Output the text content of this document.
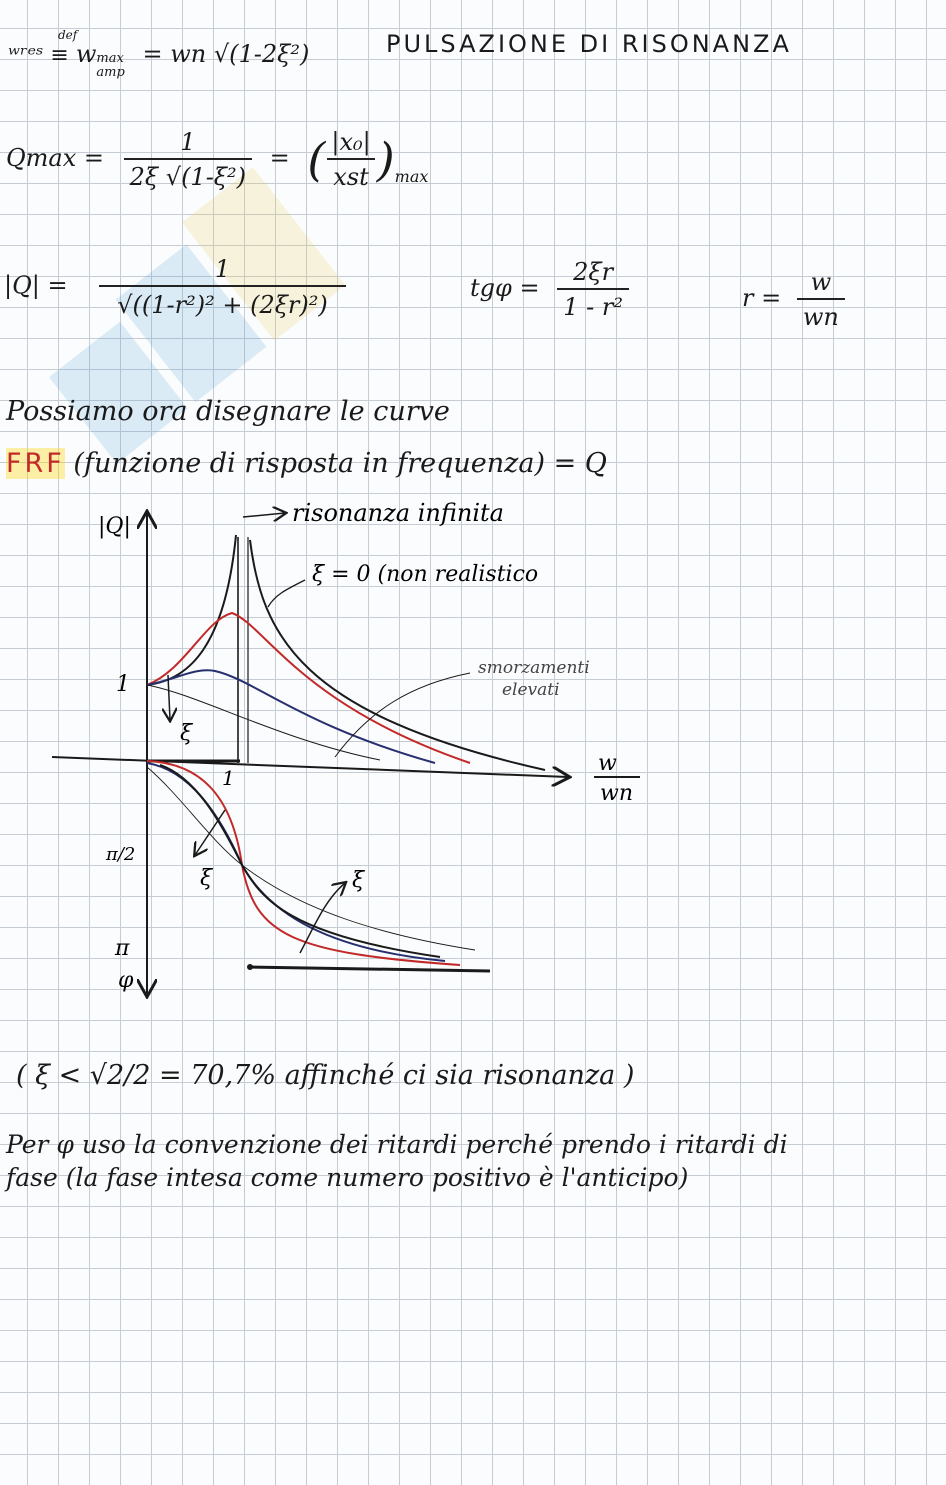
def
ʷʳᵉˢ ≡ wmax
amp = wn √(1-2ξ²)	PULSAZIONE DI RISONANZA
$Qmax = \frac{1}{\text{2ξ √(1-ξ²)}}$ = ( $\frac{\text{|x₀|}}{\text{xst}} )_{max}$
$|Q| = \frac{1}{\text{√((1-r²)² + (2ξr)²)}}$	$tg\varphi = \frac{2\xi r}{\text{1 - r²}}$	$r = \frac{w}{wn}$
Possiamo ora disegnare le curve
FRF (funzione di risposta in frequenza) = Q
|Q|	risonanza infinita
ξ = 0 (non realistico
1
ξ
smorzamenti
elevati
w
wn
1
π/2
ξ	ξ
π
φ
( ξ < √2/2 = 70,7% affinché ci sia risonanza )
Per φ uso la convenzione dei ritardi perché prendo i ritardi di
fase (la fase intesa come numero positivo è l'anticipo)
